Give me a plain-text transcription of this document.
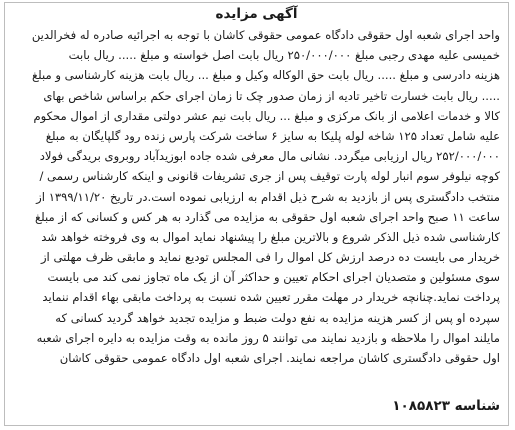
آگهی مزایده
واحد اجرای شعبه اول حقوقی دادگاه عمومی حقوقی کاشان با توجه به اجرائیه صادره له فخرالدین
خمیسی علیه مهدی رجبی مبلغ ۲۵۰/۰۰۰/۰۰۰ ریال بابت اصل خواسته و مبلغ ..... ریال بابت
هزینه دادرسی و مبلغ ..... ریال بابت حق الوکاله وکیل و مبلغ ... ریال بابت هزینه کارشناسی و مبلغ
..... ریال بابت خسارت تاخیر تادیه از زمان صدور چک تا زمان اجرای حکم براساس شاخص بهای
کالا و خدمات اعلامی از بانک مرکزی و مبلغ ... ریال بابت نیم عشر دولتی مقداری از اموال محکوم
علیه شامل تعداد ۱۲۵ شاخه لوله پلیکا به سایز ۶ ساخت شرکت پارس زنده رود گلپایگان به مبلغ
۲۵۲/۰۰۰/۰۰۰ ریال ارزیابی میگردد. نشانی مال معرفی شده جاده ابوزیدآباد روبروی بریدگی فولاد
کوچه نیلوفر سوم انبار لوله پارت توقیف پس از جری تشریفات قانونی و اینکه کارشناس رسمی /
منتخب دادگستری پس از بازدید به شرح ذیل اقدام به ارزیابی نموده است.در تاریخ ۱۳۹۹/۱۱/۲۰ از
ساعت ۱۱ صبح واحد اجرای شعبه اول حقوقی به مزایده می گذارد به هر کس و کسانی که از مبلغ
کارشناسی شده ذیل الذکر شروع و بالاترین مبلغ را پیشنهاد نماید اموال به وی فروخته خواهد شد
خریدار می بایست ده درصد ارزش کل اموال را فی المجلس تودیع نماید و مابقی ظرف مهلتی از
سوی مسئولین و متصدیان اجرای احکام تعیین و حداکثر آن از یک ماه تجاوز نمی کند می بایست
پرداخت نماید.چنانچه خریدار در مهلت مقرر تعیین شده نسبت به پرداخت مابقی بهاء اقدام ننماید
سپرده او پس از کسر هزینه مزایده به نفع دولت ضبط و مزایده تجدید خواهد گردید کسانی که
مایلند اموال را ملاحظه و بازدید نمایند می توانند ۵ روز مانده به وقت مزایده به دایره اجرای شعبه
اول حقوقی دادگستری کاشان مراجعه نمایند. اجرای شعبه اول دادگاه عمومی حقوقی کاشان
شناسه ۱۰۸۵۸۲۳
